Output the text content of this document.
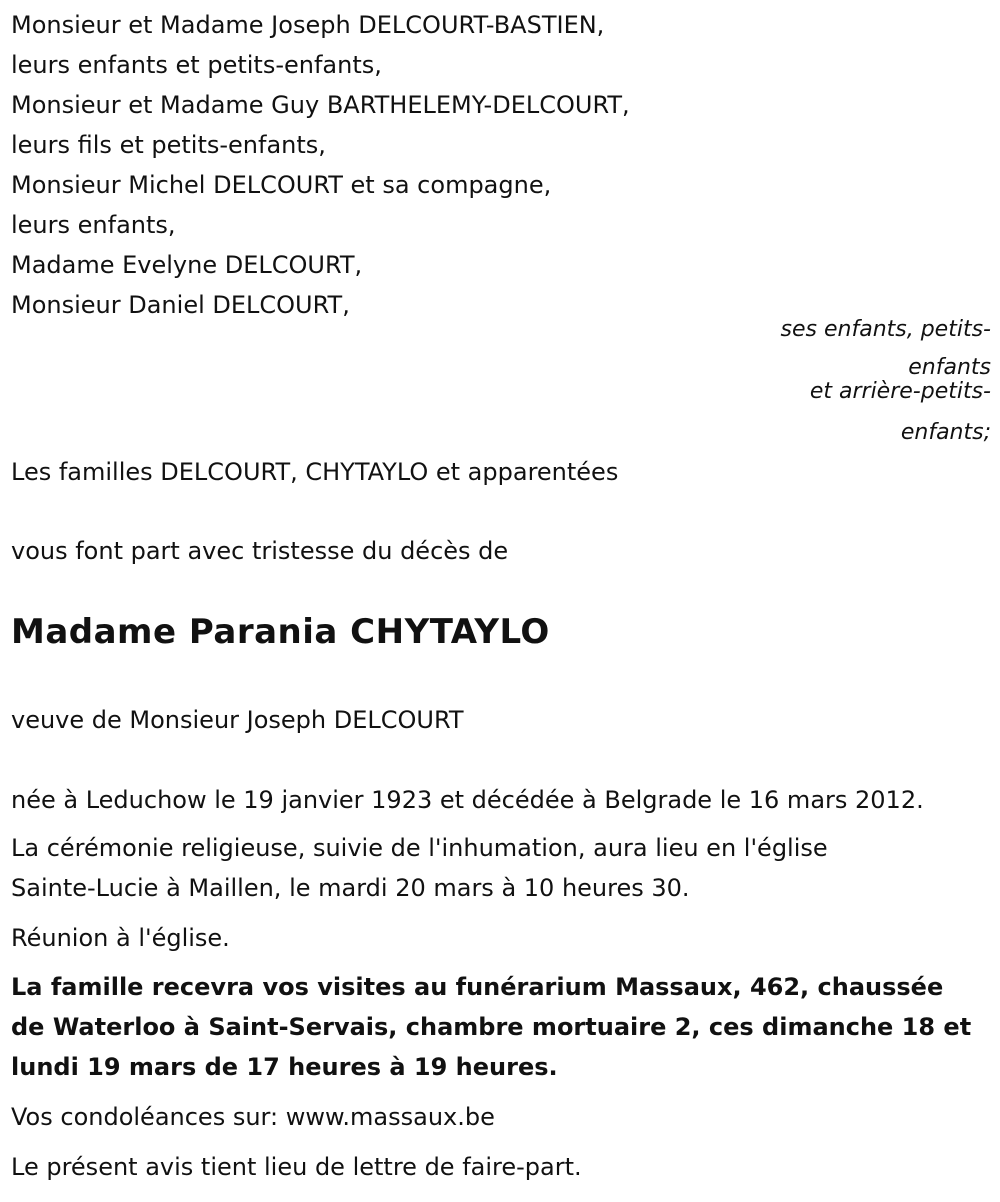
Monsieur et Madame Joseph DELCOURT-BASTIEN,

leurs enfants et petits-enfants,

Monsieur et Madame Guy BARTHELEMY-DELCOURT,

leurs fils et petits-enfants,

Monsieur Michel DELCOURT et sa compagne,

leurs enfants,

Madame Evelyne DELCOURT,

Monsieur Daniel DELCOURT,

ses enfants, petits-
enfants
et arrière-petits-
enfants;

Les familles DELCOURT, CHYTAYLO et apparentées

vous font part avec tristesse du décès de

Madame Parania CHYTAYLO

veuve de Monsieur Joseph DELCOURT

née à Leduchow le 19 janvier 1923 et décédée à Belgrade le 16 mars 2012.

La cérémonie religieuse, suivie de l'inhumation, aura lieu en l'église

Sainte-Lucie à Maillen, le mardi 20 mars à 10 heures 30.

Réunion à l'église.

La famille recevra vos visites au funérarium Massaux, 462, chaussée

de Waterloo à Saint-Servais, chambre mortuaire 2, ces dimanche 18 et

lundi 19 mars de 17 heures à 19 heures.

Vos condoléances sur: www.massaux.be

Le présent avis tient lieu de lettre de faire-part.
